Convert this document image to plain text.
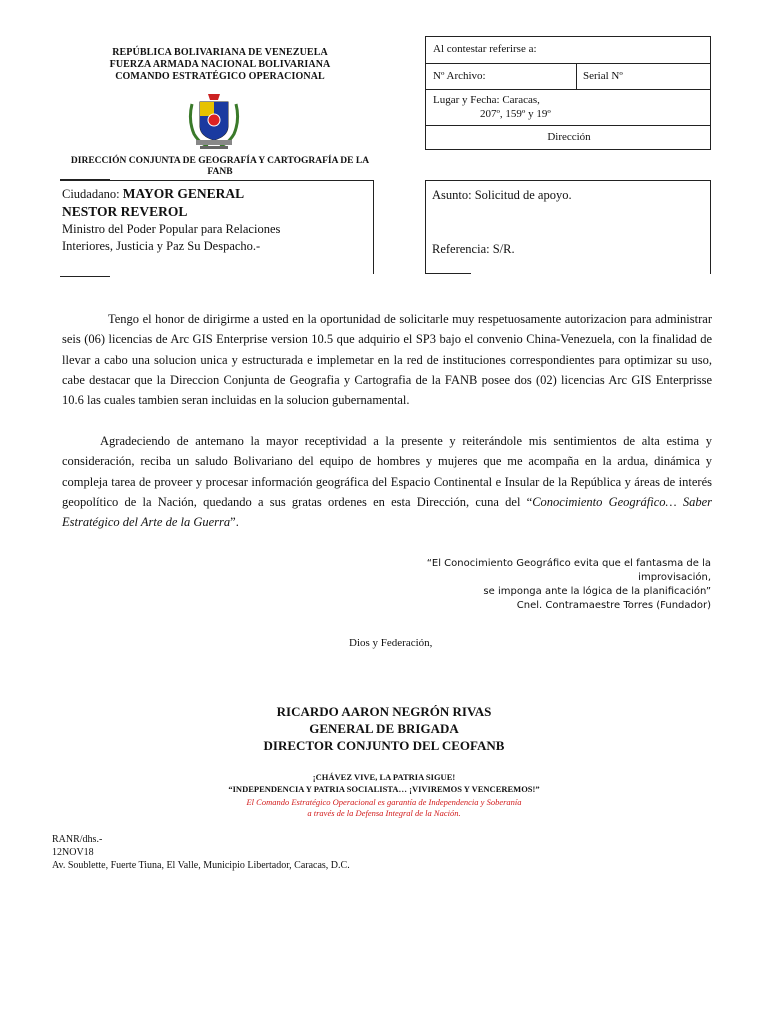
REPÚBLICA BOLIVARIANA DE VENEZUELA
FUERZA ARMADA NACIONAL BOLIVARIANA
COMANDO ESTRATÉGICO OPERACIONAL
DIRECCIÓN CONJUNTA DE GEOGRAFÍA Y CARTOGRAFÍA DE LA
FANB
Al contestar referirse a:
Nº Archivo:	Serial Nº
Lugar y Fecha: Caracas,
207º, 159º y 19º
Dirección
Ciudadano: MAYOR GENERAL
NESTOR REVEROL
Ministro del Poder Popular para Relaciones
Interiores, Justicia y Paz Su Despacho.-
Asunto: Solicitud de apoyo.
Referencia: S/R.
Tengo el honor de dirigirme a usted en la oportunidad de solicitarle muy respetuosamente autorizacion para administrar seis (06) licencias de Arc GIS Enterprise version 10.5 que adquirio el SP3 bajo el convenio China-Venezuela, con la finalidad de llevar a cabo una solucion unica y estructurada e implemetar en la red de instituciones correspondientes para optimizar su uso, cabe destacar que la Direccion Conjunta de Geografia y Cartografia de la FANB posee dos (02) licencias Arc GIS Enterprisse 10.6 las cuales tambien seran incluidas en la solucion gubernamental.
Agradeciendo de antemano la mayor receptividad a la presente y reiterándole mis sentimientos de alta estima y consideración, reciba un saludo Bolivariano del equipo de hombres y mujeres que me acompaña en la ardua, dinámica y compleja tarea de proveer y procesar información geográfica del Espacio Continental e Insular de la República y áreas de interés geopolítico de la Nación, quedando a sus gratas ordenes en esta Dirección, cuna del “Conocimiento Geográfico… Saber Estratégico del Arte de la Guerra”.
“El Conocimiento Geográfico evita que el fantasma de la
improvisación,
se imponga ante la lógica de la planificación”
Cnel. Contramaestre Torres (Fundador)
Dios y Federación,
RICARDO AARON NEGRÓN RIVAS
GENERAL DE BRIGADA
DIRECTOR CONJUNTO DEL CEOFANB
¡CHÁVEZ VIVE, LA PATRIA SIGUE!
“INDEPENDENCIA Y PATRIA SOCIALISTA… ¡VIVIREMOS Y VENCEREMOS!”
El Comando Estratégico Operacional es garantía de Independencia y Soberanía
a través de la Defensa Integral de la Nación.
RANR/dhs.-
12NOV18
Av. Soublette, Fuerte Tiuna, El Valle, Municipio Libertador, Caracas, D.C.
